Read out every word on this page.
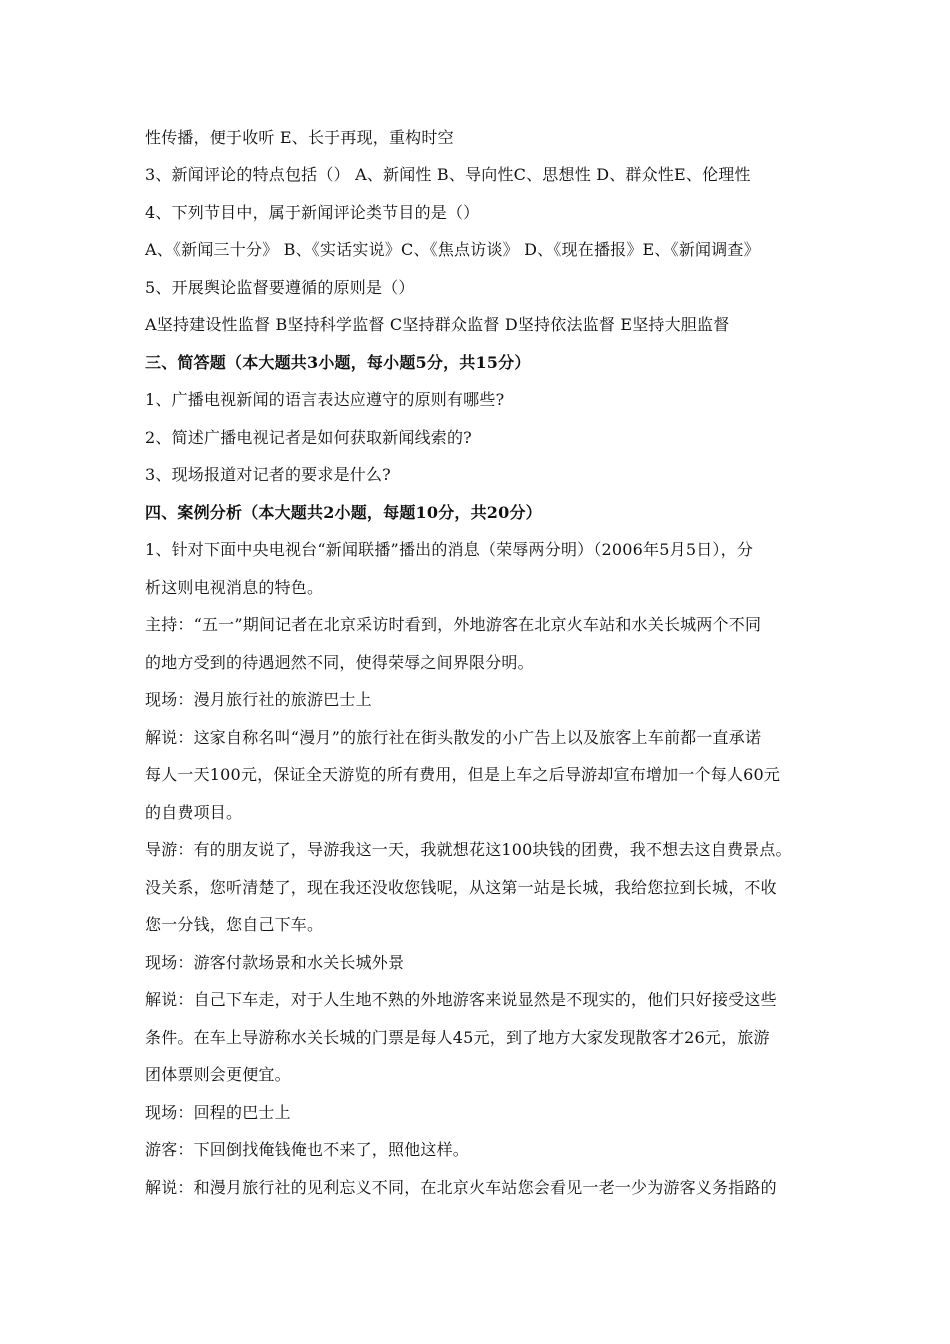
性传播，便于收听 E、长于再现，重构时空
3、新闻评论的特点包括（） A、新闻性 B、导向性C、思想性 D、群众性E、伦理性
4、下列节目中，属于新闻评论类节目的是（）
A、《新闻三十分》 B、《实话实说》C、《焦点访谈》 D、《现在播报》E、《新闻调查》
5、开展舆论监督要遵循的原则是（）
A坚持建设性监督 B坚持科学监督 C坚持群众监督 D坚持依法监督 E坚持大胆监督
三、简答题（本大题共3小题，每小题5分，共15分）
1、广播电视新闻的语言表达应遵守的原则有哪些?
2、简述广播电视记者是如何获取新闻线索的?
3、现场报道对记者的要求是什么?
四、案例分析（本大题共2小题，每题10分，共20分）
1、针对下面中央电视台“新闻联播”播出的消息（荣辱两分明）（2006年5月5日），分
析这则电视消息的特色。
主持：“五一”期间记者在北京采访时看到，外地游客在北京火车站和水关长城两个不同
的地方受到的待遇迥然不同，使得荣辱之间界限分明。
现场：漫月旅行社的旅游巴士上
解说：这家自称名叫“漫月”的旅行社在街头散发的小广告上以及旅客上车前都一直承诺
每人一天100元，保证全天游览的所有费用，但是上车之后导游却宣布增加一个每人60元
的自费项目。
导游：有的朋友说了，导游我这一天，我就想花这100块钱的团费，我不想去这自费景点。
没关系，您听清楚了，现在我还没收您钱呢，从这第一站是长城，我给您拉到长城，不收
您一分钱，您自己下车。
现场：游客付款场景和水关长城外景
解说：自己下车走，对于人生地不熟的外地游客来说显然是不现实的，他们只好接受这些
条件。在车上导游称水关长城的门票是每人45元，到了地方大家发现散客才26元，旅游
团体票则会更便宜。
现场：回程的巴士上
游客：下回倒找俺钱俺也不来了，照他这样。
解说：和漫月旅行社的见利忘义不同，在北京火车站您会看见一老一少为游客义务指路的
